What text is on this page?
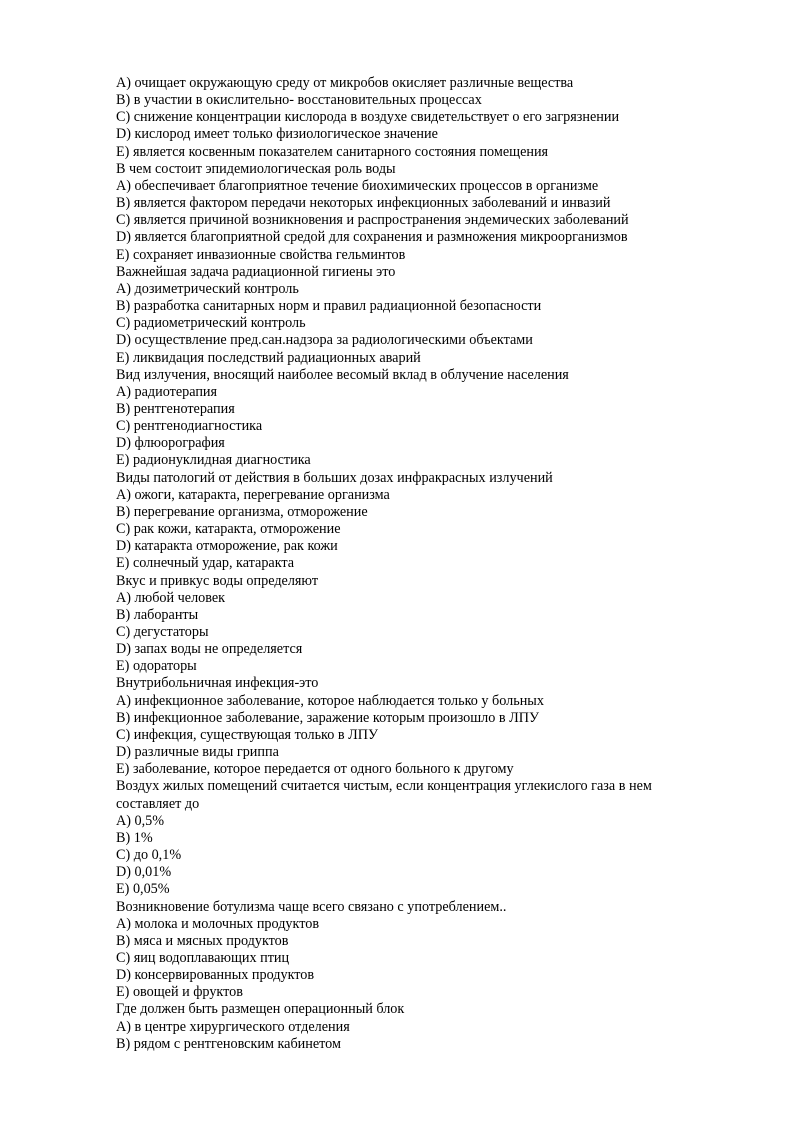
A) очищает окружающую среду от микробов окисляет различные вещества

B) в участии в окислительно- восстановительных процессах

C) снижение концентрации кислорода в воздухе свидетельствует о его загрязнении

D) кислород имеет только физиологическое значение

E) является косвенным показателем санитарного состояния помещения

В чем состоит эпидемиологическая роль воды

A) обеспечивает благоприятное течение биохимических процессов в организме

B) является фактором передачи некоторых инфекционных заболеваний и инвазий

C) является причиной возникновения и распространения эндемических заболеваний

D) является благоприятной средой для сохранения и размножения микроорганизмов

E) сохраняет инвазионные свойства гельминтов

Важнейшая задача радиационной гигиены это

A) дозиметрический контроль

B) разработка санитарных норм и правил радиационной безопасности

C) радиометрический контроль

D) осуществление пред.сан.надзора за радиологическими объектами

E) ликвидация последствий радиационных аварий

Вид излучения, вносящий наиболее весомый вклад в облучение населения

A) радиотерапия

B) рентгенотерапия

C) рентгенодиагностика

D) флюорография

E) радионуклидная диагностика

Виды патологий от действия в больших дозах инфракрасных излучений

A) ожоги, катаракта, перегревание организма

B) перегревание организма, отморожение

C) рак кожи, катаракта, отморожение

D) катаракта отморожение, рак кожи

E) солнечный удар, катаракта

Вкус и привкус воды определяют

A) любой человек

B) лаборанты

C) дегустаторы

D) запах воды не определяется

E) одораторы

Внутрибольничная инфекция-это

A) инфекционное заболевание, которое наблюдается только у больных

B) инфекционное заболевание, заражение которым произошло в ЛПУ

C) инфекция, существующая только в ЛПУ

D) различные виды гриппа

E) заболевание, которое передается от одного больного к другому

Воздух жилых помещений считается чистым, если концентрация углекислого газа в нем

составляет до

A) 0,5%

B) 1%

C) до 0,1%

D) 0,01%

E) 0,05%

Возникновение ботулизма чаще всего связано с употреблением..

A) молока и молочных продуктов

B) мяса и мясных продуктов

C) яиц водоплавающих птиц

D) консервированных продуктов

E) овощей и фруктов

Где должен быть размещен операционный блок

A) в центре хирургического отделения

B) рядом с рентгеновским кабинетом
